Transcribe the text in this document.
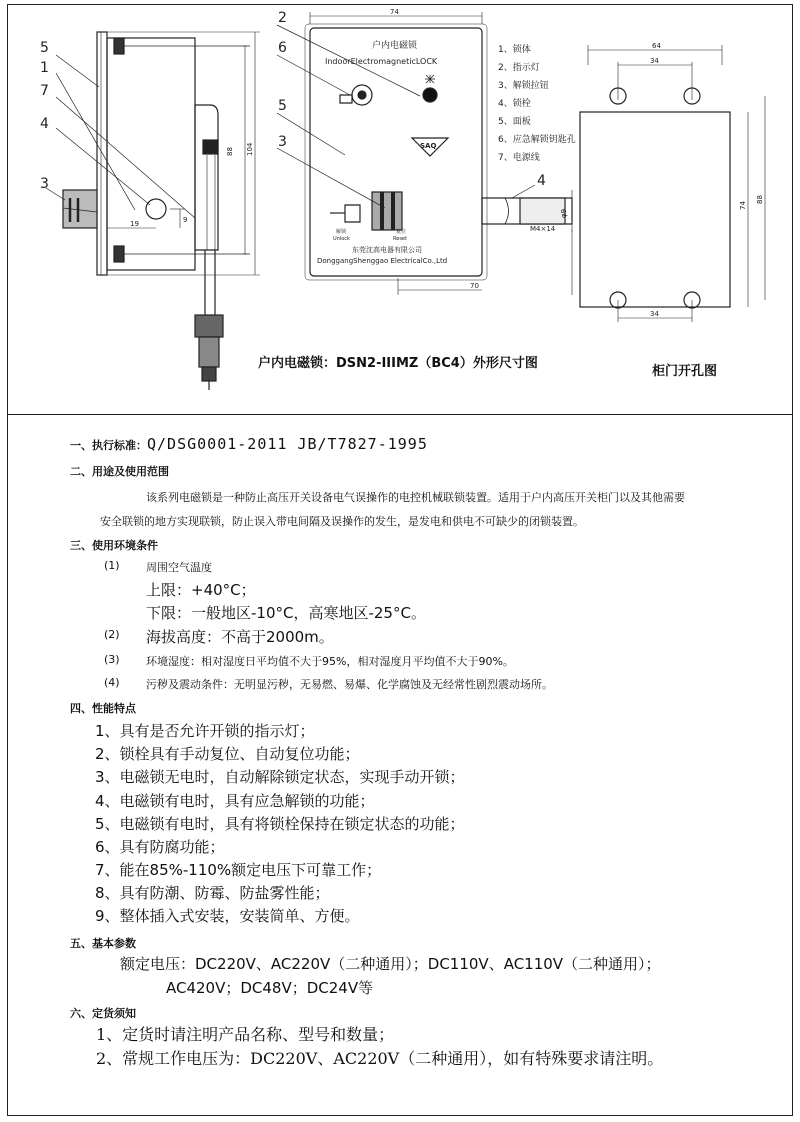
5
1
7
4
3
2
6
5
3
4
74
88 104
19	9
70
φ9
M4×14
64
34
34
74
88
户内电磁锁
IndoorElectromagneticLOCK
SAQ
解锁
Unlock
复位
Reset
东莞沈高电器有限公司
DonggangShenggao ElectricalCo.,Ltd
1、锁体
2、指示灯
3、解锁拉钮
4、锁栓
5、面板
6、应急解锁钥匙孔
7、电源线
户内电磁锁：DSN2-IIIMZ（BC4）外形尺寸图
柜门开孔图
一、执行标准：Q/DSG0001-2011 JB/T7827-1995
二、用途及使用范围
该系列电磁锁是一种防止高压开关设备电气误操作的电控机械联锁装置。适用于户内高压开关柜门以及其他需要
安全联锁的地方实现联锁，防止误入带电间隔及误操作的发生，是发电和供电不可缺少的闭锁装置。
三、使用环境条件
(1) 周围空气温度
上限：+40°C；
下限：一般地区-10°C，高寒地区-25°C。
(2) 海拔高度：不高于2000m。
(3) 环境湿度：相对湿度日平均值不大于95%，相对湿度月平均值不大于90%。
(4) 污秽及震动条件：无明显污秽，无易燃、易爆、化学腐蚀及无经常性剧烈震动场所。
四、性能特点
1、具有是否允许开锁的指示灯；
2、锁栓具有手动复位、自动复位功能；
3、电磁锁无电时，自动解除锁定状态，实现手动开锁；
4、电磁锁有电时，具有应急解锁的功能；
5、电磁锁有电时，具有将锁栓保持在锁定状态的功能；
6、具有防腐功能；
7、能在85%-110%额定电压下可靠工作；
8、具有防潮、防霉、防盐雾性能；
9、整体插入式安装，安装简单、方便。
五、基本参数
额定电压：DC220V、AC220V（二种通用）；DC110V、AC110V（二种通用）；
AC420V；DC48V；DC24V等
六、定货须知
1、定货时请注明产品名称、型号和数量；
2、常规工作电压为：DC220V、AC220V（二种通用），如有特殊要求请注明。
